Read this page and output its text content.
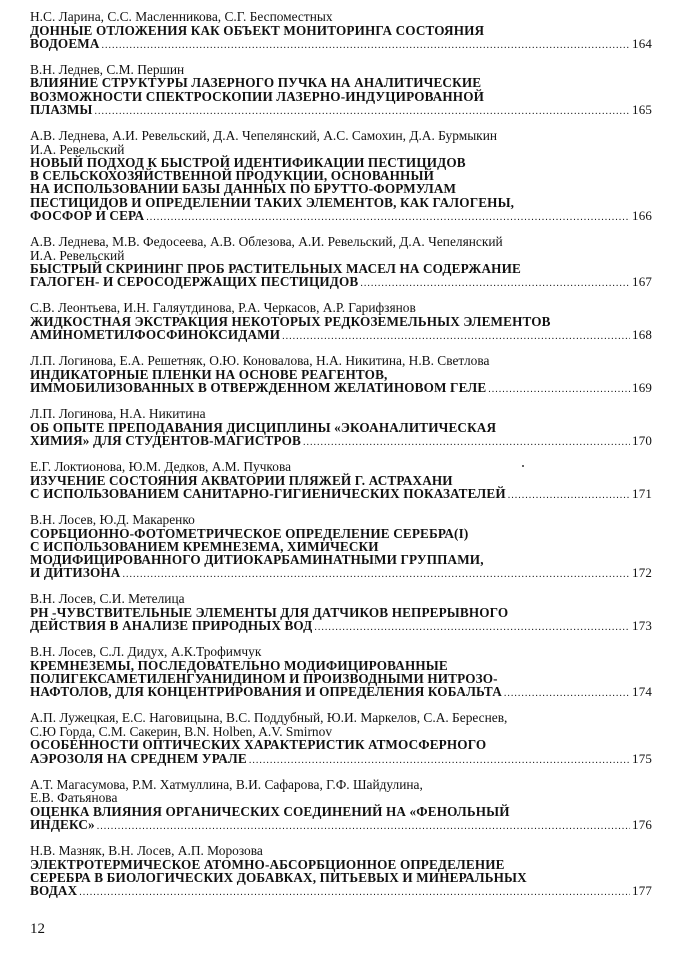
Н.С. Ларина, С.С. Масленникова, С.Г. Беспоместных
ДОННЫЕ ОТЛОЖЕНИЯ КАК ОБЪЕКТ МОНИТОРИНГА СОСТОЯНИЯ
ВОДОЕМА .....	164
В.Н. Леднев, С.М. Першин
ВЛИЯНИЕ СТРУКТУРЫ ЛАЗЕРНОГО ПУЧКА НА АНАЛИТИЧЕСКИЕ
ВОЗМОЖНОСТИ СПЕКТРОСКОПИИ ЛАЗЕРНО-ИНДУЦИРОВАННОЙ
ПЛАЗМЫ .....	165
А.В. Леднева, А.И. Ревельский, Д.А. Чепелянский, А.С. Самохин, Д.А. Бурмыкин
И.А. Ревельский
НОВЫЙ ПОДХОД К БЫСТРОЙ ИДЕНТИФИКАЦИИ ПЕСТИЦИДОВ
В СЕЛЬСКОХОЗЯЙСТВЕННОЙ ПРОДУКЦИИ, ОСНОВАННЫЙ
НА ИСПОЛЬЗОВАНИИ БАЗЫ ДАННЫХ ПО БРУТТО-ФОРМУЛАМ
ПЕСТИЦИДОВ И ОПРЕДЕЛЕНИИ ТАКИХ ЭЛЕМЕНТОВ, КАК ГАЛОГЕНЫ,
ФОСФОР И СЕРА .....	166
А.В. Леднева, М.В. Федосеева, А.В. Облезова, А.И. Ревельский, Д.А. Чепелянский
И.А. Ревельский
БЫСТРЫЙ СКРИНИНГ ПРОБ РАСТИТЕЛЬНЫХ МАСЕЛ НА СОДЕРЖАНИЕ
ГАЛОГЕН- И СЕРОСОДЕРЖАЩИХ ПЕСТИЦИДОВ .....	167
С.В. Леонтьева, И.Н. Галяутдинова, Р.А. Черкасов, А.Р. Гарифзянов
ЖИДКОСТНАЯ ЭКСТРАКЦИЯ НЕКОТОРЫХ РЕДКОЗЕМЕЛЬНЫХ ЭЛЕМЕНТОВ
АМИНОМЕТИЛФОСФИНОКСИДАМИ .....	168
Л.П. Логинова, Е.А. Решетняк, О.Ю. Коновалова, Н.А. Никитина, Н.В. Светлова
ИНДИКАТОРНЫЕ ПЛЕНКИ НА ОСНОВЕ РЕАГЕНТОВ,
ИММОБИЛИЗОВАННЫХ В ОТВЕРЖДЕННОМ ЖЕЛАТИНОВОМ ГЕЛЕ .....	169
Л.П. Логинова, Н.А. Никитина
ОБ ОПЫТЕ ПРЕПОДАВАНИЯ ДИСЦИПЛИНЫ «ЭКОАНАЛИТИЧЕСКАЯ
ХИМИЯ» ДЛЯ СТУДЕНТОВ-МАГИСТРОВ .....	170
Е.Г. Локтионова, Ю.М. Дедков, А.М. Пучкова
ИЗУЧЕНИЕ СОСТОЯНИЯ АКВАТОРИИ ПЛЯЖЕЙ Г. АСТРАХАНИ
С ИСПОЛЬЗОВАНИЕМ САНИТАРНО-ГИГИЕНИЧЕСКИХ ПОКАЗАТЕЛЕЙ .....	171
В.Н. Лосев, Ю.Д. Макаренко
СОРБЦИОННО-ФОТОМЕТРИЧЕСКОЕ ОПРЕДЕЛЕНИЕ СЕРЕБРА(I)
С ИСПОЛЬЗОВАНИЕМ КРЕМНЕЗЕМА, ХИМИЧЕСКИ
МОДИФИЦИРОВАННОГО ДИТИОКАРБАМИНАТНЫМИ ГРУППАМИ,
И ДИТИЗОНА .....	172
В.Н. Лосев, С.И. Метелица
PH -ЧУВСТВИТЕЛЬНЫЕ ЭЛЕМЕНТЫ ДЛЯ ДАТЧИКОВ НЕПРЕРЫВНОГО
ДЕЙСТВИЯ В АНАЛИЗЕ ПРИРОДНЫХ ВОД .....	173
В.Н. Лосев, С.Л. Дидух, А.К.Трофимчук
КРЕМНЕЗЕМЫ, ПОСЛЕДОВАТЕЛЬНО МОДИФИЦИРОВАННЫЕ
ПОЛИГЕКСАМЕТИЛЕНГУАНИДИНОМ И ПРОИЗВОДНЫМИ НИТРОЗО-
НАФТОЛОВ, ДЛЯ КОНЦЕНТРИРОВАНИЯ И ОПРЕДЕЛЕНИЯ КОБАЛЬТА .....	174
А.П. Лужецкая, Е.С. Наговицына, В.С. Поддубный, Ю.И. Маркелов, С.А. Береснев,
С.Ю Горда, С.М. Сакерин, B.N. Holben, A.V. Smirnov
ОСОБЕННОСТИ ОПТИЧЕСКИХ ХАРАКТЕРИСТИК АТМОСФЕРНОГО
АЭРОЗОЛЯ НА СРЕДНЕМ УРАЛЕ .....	175
А.Т. Магасумова, Р.М. Хатмуллина, В.И. Сафарова, Г.Ф. Шайдулина,
Е.В. Фатьянова
ОЦЕНКА ВЛИЯНИЯ ОРГАНИЧЕСКИХ СОЕДИНЕНИЙ НА «ФЕНОЛЬНЫЙ
ИНДЕКС» .....	176
Н.В. Мазняк, В.Н. Лосев, А.П. Морозова
ЭЛЕКТРОТЕРМИЧЕСКОЕ АТОМНО-АБСОРБЦИОННОЕ ОПРЕДЕЛЕНИЕ
СЕРЕБРА В БИОЛОГИЧЕСКИХ ДОБАВКАХ, ПИТЬЕВЫХ И МИНЕРАЛЬНЫХ
ВОДАХ .....	177
12
